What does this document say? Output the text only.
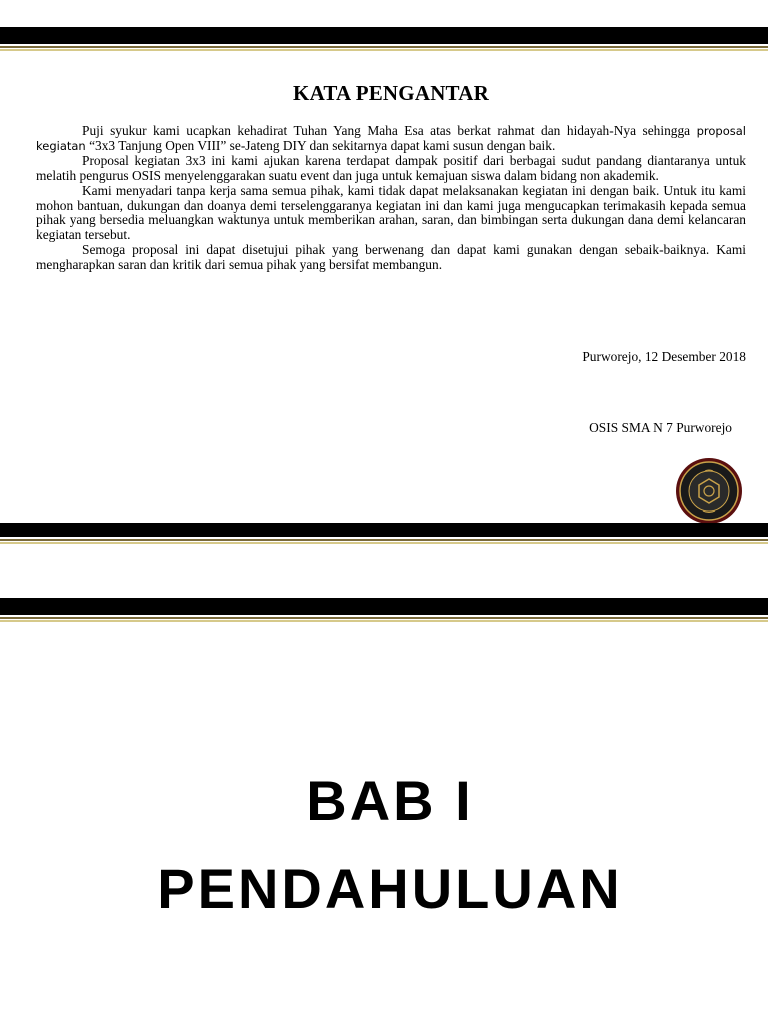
KATA PENGANTAR

Puji syukur kami ucapkan kehadirat Tuhan Yang Maha Esa atas berkat rahmat dan hidayah-Nya sehingga proposal kegiatan “3x3 Tanjung Open VIII” se-Jateng DIY dan sekitarnya dapat kami susun dengan baik.

Proposal kegiatan 3x3 ini kami ajukan karena terdapat dampak positif dari berbagai sudut pandang diantaranya untuk melatih pengurus OSIS menyelenggarakan suatu event dan juga untuk kemajuan siswa dalam bidang non akademik.

Kami menyadari tanpa kerja sama semua pihak, kami tidak dapat melaksanakan kegiatan ini dengan baik. Untuk itu kami mohon bantuan, dukungan dan doanya demi terselenggaranya kegiatan ini dan kami juga mengucapkan terimakasih kepada semua pihak yang bersedia meluangkan waktunya untuk memberikan arahan, saran, dan bimbingan serta dukungan dana demi kelancaran kegiatan tersebut.

Semoga proposal ini dapat disetujui pihak yang berwenang dan dapat kami gunakan dengan sebaik-baiknya. Kami mengharapkan saran dan kritik dari semua pihak yang bersifat membangun.

Purworejo, 12 Desember 2018
OSIS SMA N 7 Purworejo
BAB I
PENDAHULUAN
